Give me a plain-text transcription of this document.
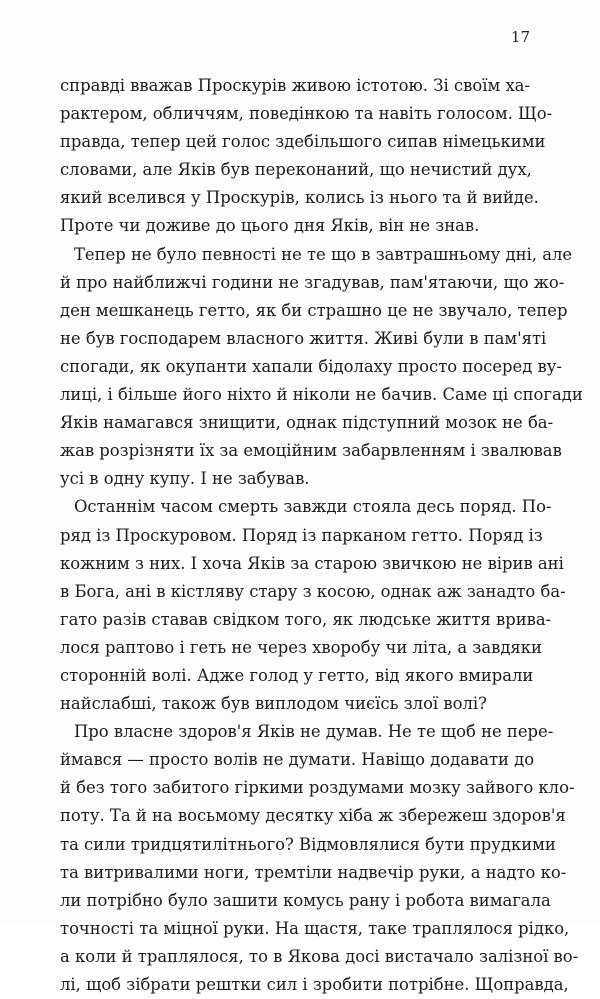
17
справді вважав Проскурів живою істотою. Зі своїм ха-
рактером, обличчям, поведінкою та навіть голосом. Що-
правда, тепер цей голос здебільшого сипав німецькими
словами, але Яків був переконаний, що нечистий дух,
який вселився у Проскурів, колись із нього та й вийде.
Проте чи доживе до цього дня Яків, він не знав.
Тепер не було певності не те що в завтрашньому дні, але
й про найближчі години не згадував, пам'ятаючи, що жо-
ден мешканець гетто, як би страшно це не звучало, тепер
не був господарем власного життя. Живі були в пам'яті
спогади, як окупанти хапали бідолаху просто посеред ву-
лиці, і більше його ніхто й ніколи не бачив. Саме ці спогади
Яків намагався знищити, однак підступний мозок не ба-
жав розрізняти їх за емоційним забарвленням і звалював
усі в одну купу. І не забував.
Останнім часом смерть завжди стояла десь поряд. По-
ряд із Проскуровом. Поряд із парканом гетто. Поряд із
кожним з них. І хоча Яків за старою звичкою не вірив ані
в Бога, ані в кістляву стару з косою, однак аж занадто ба-
гато разів ставав свідком того, як людське життя врива-
лося раптово і геть не через хворобу чи літа, а завдяки
сторонній волі. Адже голод у гетто, від якого вмирали
найслабші, також був виплодом чиєїсь злої волі?
Про власне здоров'я Яків не думав. Не те щоб не пере-
ймався — просто волів не думати. Навіщо додавати до
й без того забитого гіркими роздумами мозку зайвого кло-
поту. Та й на восьмому десятку хіба ж збережеш здоров'я
та сили тридцятилітнього? Відмовлялися бути прудкими
та витривалими ноги, тремтіли надвечір руки, а надто ко-
ли потрібно було зашити комусь рану і робота вимагала
точності та міцної руки. На щастя, таке траплялося рідко,
а коли й траплялося, то в Якова досі вистачало залізної во-
лі, щоб зібрати рештки сил і зробити потрібне. Щоправда,
